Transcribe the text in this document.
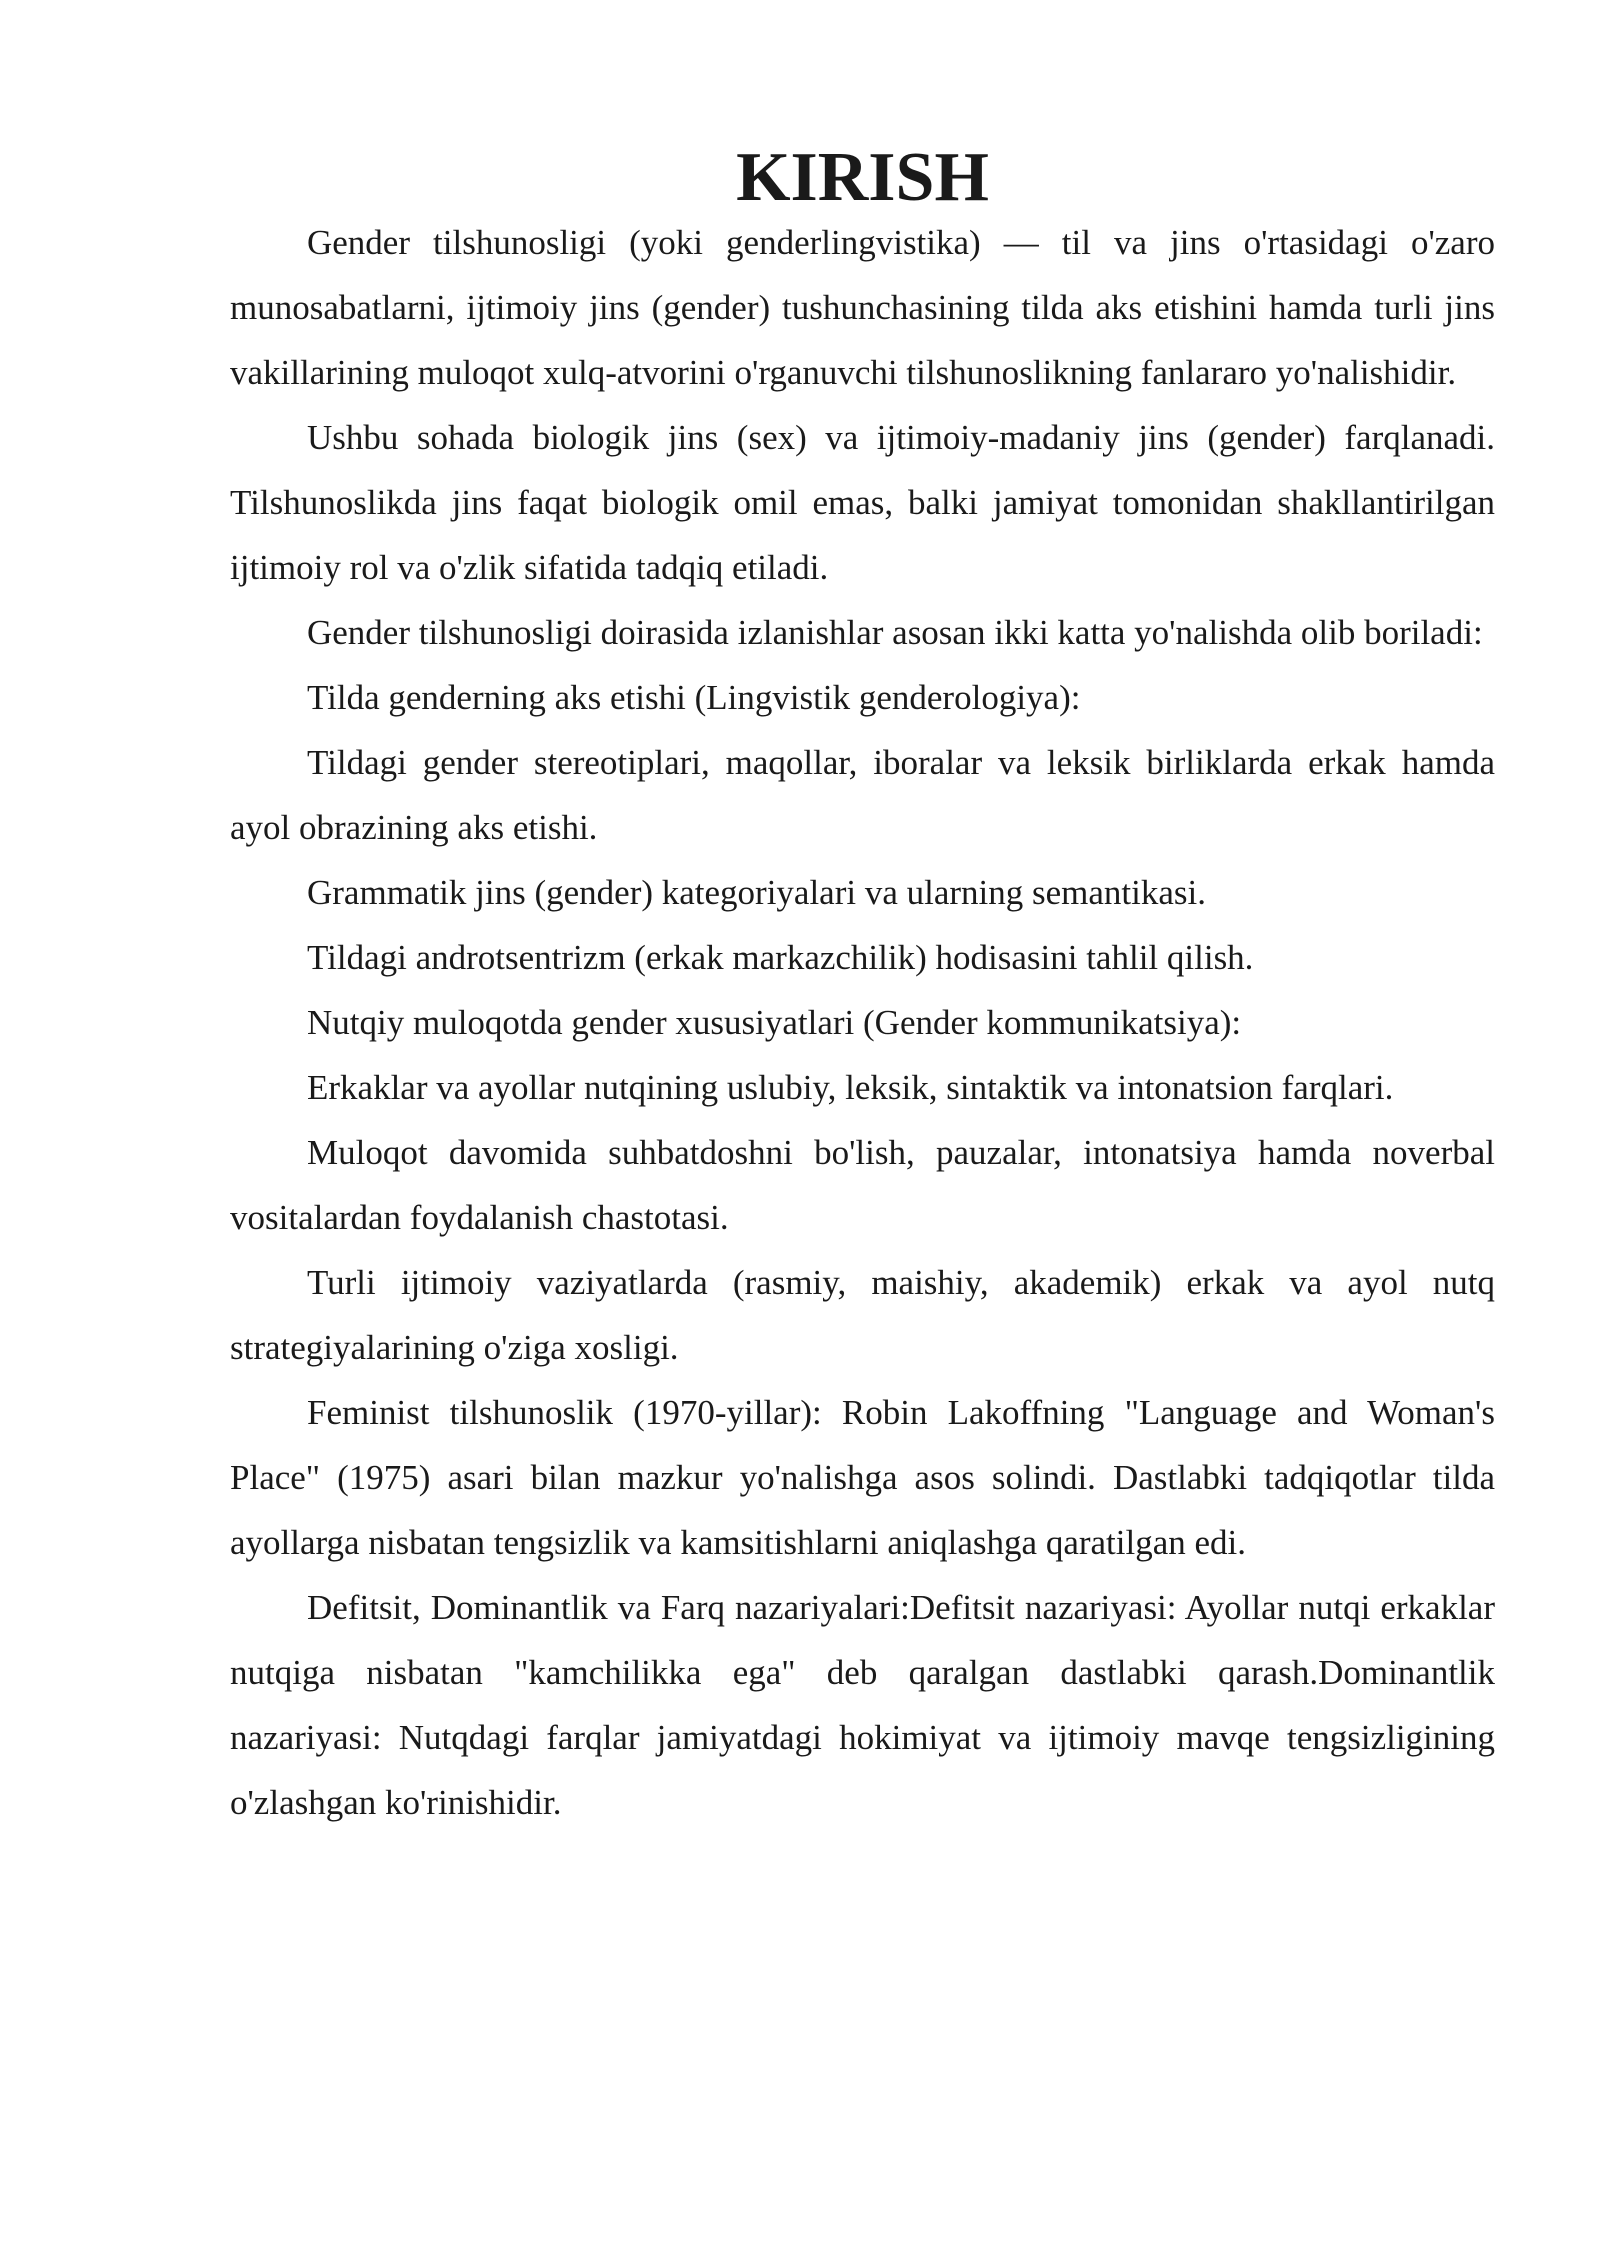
KIRISH

Gender tilshunosligi (yoki genderlingvistika) — til va jins o'rtasidagi o'zaro munosabatlarni, ijtimoiy jins (gender) tushunchasining tilda aks etishini hamda turli jins vakillarining muloqot xulq-atvorini o'rganuvchi tilshunoslikning fanlararo yo'nalishidir.

Ushbu sohada biologik jins (sex) va ijtimoiy-madaniy jins (gender) farqlanadi. Tilshunoslikda jins faqat biologik omil emas, balki jamiyat tomonidan shakllantirilgan ijtimoiy rol va o'zlik sifatida tadqiq etiladi.

Gender tilshunosligi doirasida izlanishlar asosan ikki katta yo'nalishda olib boriladi:

Tilda genderning aks etishi (Lingvistik genderologiya):

Tildagi gender stereotiplari, maqollar, iboralar va leksik birliklarda erkak hamda ayol obrazining aks etishi.

Grammatik jins (gender) kategoriyalari va ularning semantikasi.

Tildagi androtsentrizm (erkak markazchilik) hodisasini tahlil qilish.

Nutqiy muloqotda gender xususiyatlari (Gender kommunikatsiya):

Erkaklar va ayollar nutqining uslubiy, leksik, sintaktik va intonatsion farqlari.

Muloqot davomida suhbatdoshni bo'lish, pauzalar, intonatsiya hamda noverbal vositalardan foydalanish chastotasi.

Turli ijtimoiy vaziyatlarda (rasmiy, maishiy, akademik) erkak va ayol nutq strategiyalarining o'ziga xosligi.

Feminist tilshunoslik (1970-yillar): Robin Lakoffning "Language and Woman's Place" (1975) asari bilan mazkur yo'nalishga asos solindi. Dastlabki tadqiqotlar tilda ayollarga nisbatan tengsizlik va kamsitishlarni aniqlashga qaratilgan edi.

Defitsit, Dominantlik va Farq nazariyalari:Defitsit nazariyasi: Ayollar nutqi erkaklar nutqiga nisbatan "kamchilikka ega" deb qaralgan dastlabki qarash.Dominantlik nazariyasi: Nutqdagi farqlar jamiyatdagi hokimiyat va ijtimoiy mavqe tengsizligining o'zlashgan ko'rinishidir.
